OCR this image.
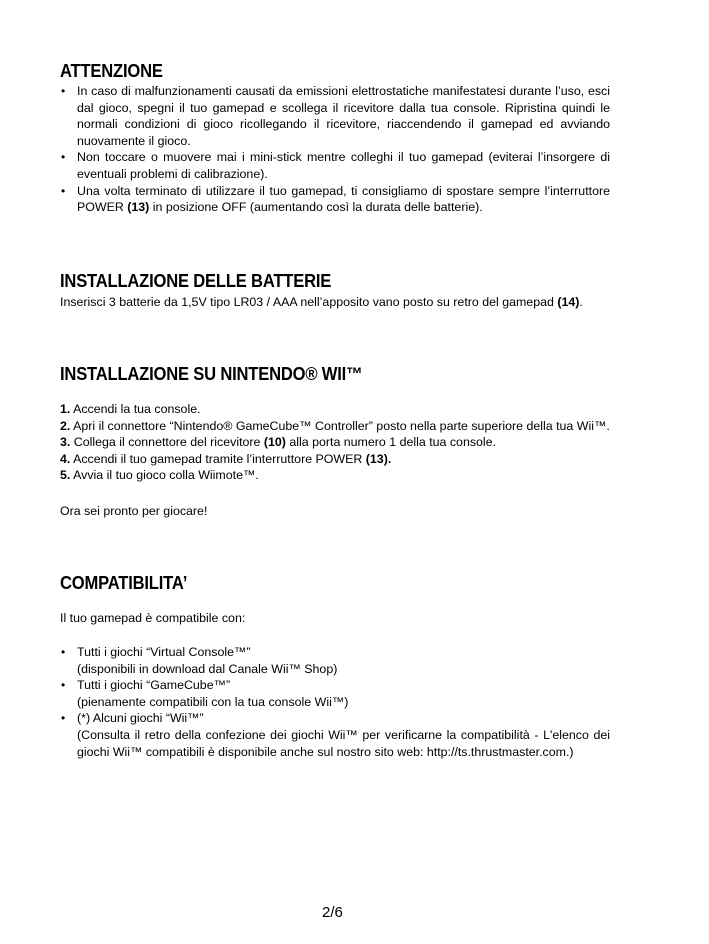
ATTENZIONE
• In caso di malfunzionamenti causati da emissioni elettrostatiche manifestatesi durante l’uso, esci dal gioco, spegni il tuo gamepad e scollega il ricevitore dalla tua console. Ripristina quindi le normali condizioni di gioco ricollegando il ricevitore, riaccendendo il gamepad ed avviando nuovamente il gioco.
• Non toccare o muovere mai i mini-stick mentre colleghi il tuo gamepad (eviterai l’insorgere di eventuali problemi di calibrazione).
• Una volta terminato di utilizzare il tuo gamepad, ti consigliamo di spostare sempre l’interruttore POWER (13) in posizione OFF (aumentando così la durata delle batterie).
INSTALLAZIONE DELLE BATTERIE
Inserisci 3 batterie da 1,5V tipo LR03 / AAA nell’apposito vano posto su retro del gamepad (14).
INSTALLAZIONE SU NINTENDO® WII™
1. Accendi la tua console.
2. Apri il connettore “Nintendo® GameCube™ Controller” posto nella parte superiore della tua Wii™.
3. Collega il connettore del ricevitore (10) alla porta numero 1 della tua console.
4. Accendi il tuo gamepad tramite l’interruttore POWER (13).
5. Avvia il tuo gioco colla Wiimote™.
Ora sei pronto per giocare!
COMPATIBILITA’
Il tuo gamepad è compatibile con:
• Tutti i giochi “Virtual Console™”
(disponibili in download dal Canale Wii™ Shop)
• Tutti i giochi “GameCube™”
(pienamente compatibili con la tua console Wii™)
• (*) Alcuni giochi “Wii™”
(Consulta il retro della confezione dei giochi Wii™ per verificarne la compatibilità - L'elenco dei giochi Wii™ compatibili è disponibile anche sul nostro sito web: http://ts.thrustmaster.com.)
2/6
